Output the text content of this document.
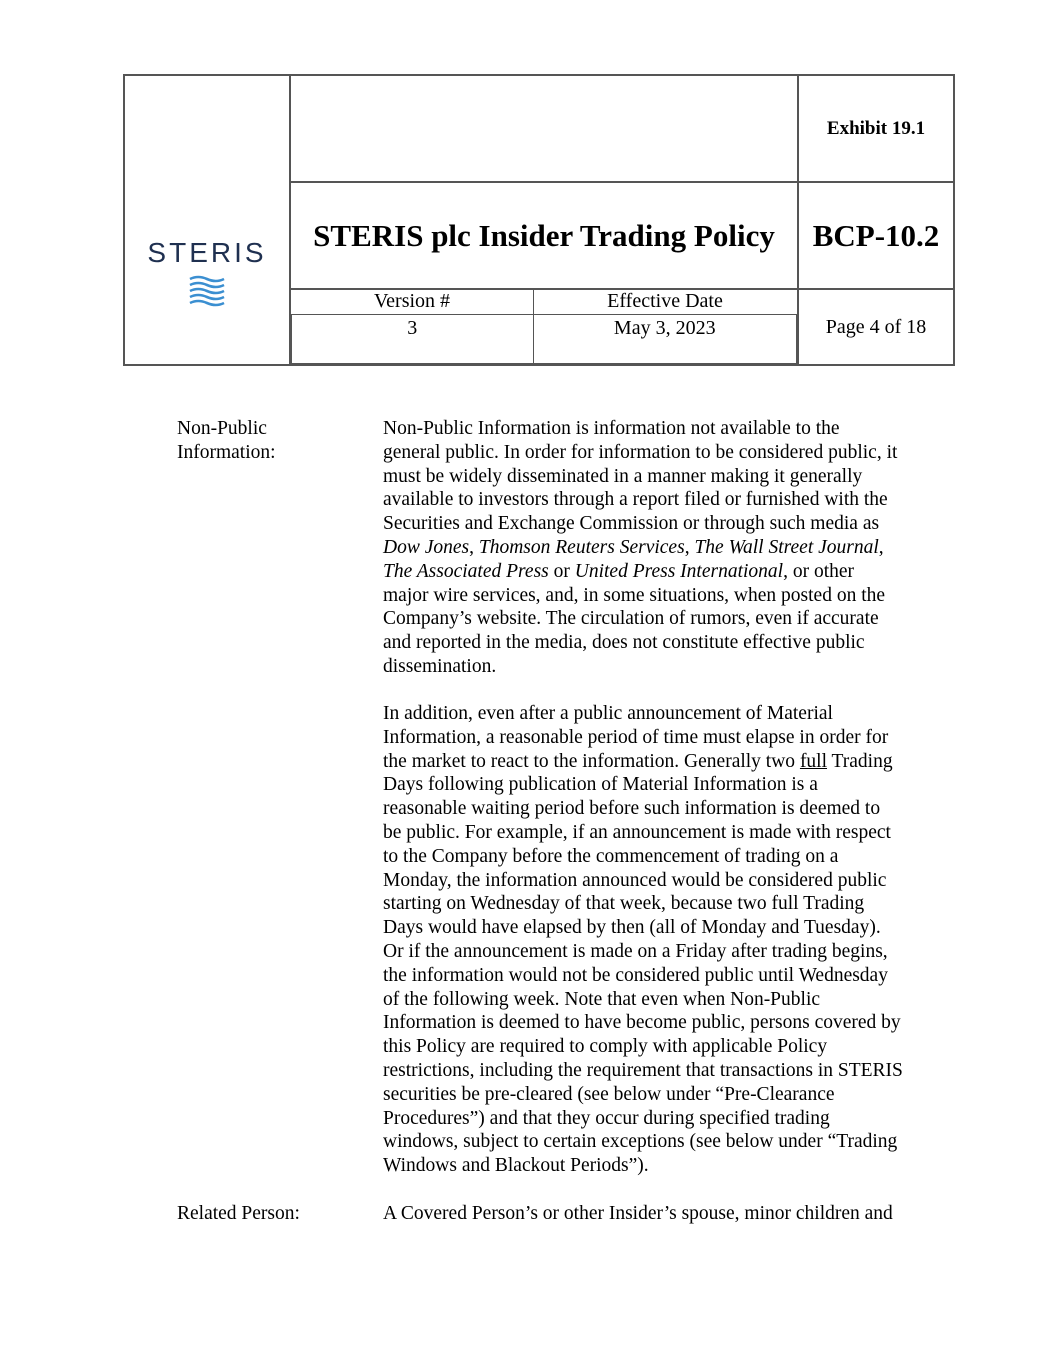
STERIS
		Exhibit 19.1
STERIS plc Insider Trading Policy	BCP-10.2

Version #	Effective Date
3	May 3, 2023
		Page 4 of 18
Non-Public
Information:
Non-Public Information is information not available to the
general public. In order for information to be considered public, it
must be widely disseminated in a manner making it generally
available to investors through a report filed or furnished with the
Securities and Exchange Commission or through such media as
Dow Jones, Thomson Reuters Services, The Wall Street Journal,
The Associated Press or United Press International, or other
major wire services, and, in some situations, when posted on the
Company’s website. The circulation of rumors, even if accurate
and reported in the media, does not constitute effective public
dissemination.
In addition, even after a public announcement of Material
Information, a reasonable period of time must elapse in order for
the market to react to the information. Generally two full Trading
Days following publication of Material Information is a
reasonable waiting period before such information is deemed to
be public. For example, if an announcement is made with respect
to the Company before the commencement of trading on a
Monday, the information announced would be considered public
starting on Wednesday of that week, because two full Trading
Days would have elapsed by then (all of Monday and Tuesday).
Or if the announcement is made on a Friday after trading begins,
the information would not be considered public until Wednesday
of the following week. Note that even when Non-Public
Information is deemed to have become public, persons covered by
this Policy are required to comply with applicable Policy
restrictions, including the requirement that transactions in STERIS
securities be pre-cleared (see below under “Pre-Clearance
Procedures”) and that they occur during specified trading
windows, subject to certain exceptions (see below under “Trading
Windows and Blackout Periods”).
Related Person:	A Covered Person’s or other Insider’s spouse, minor children and
